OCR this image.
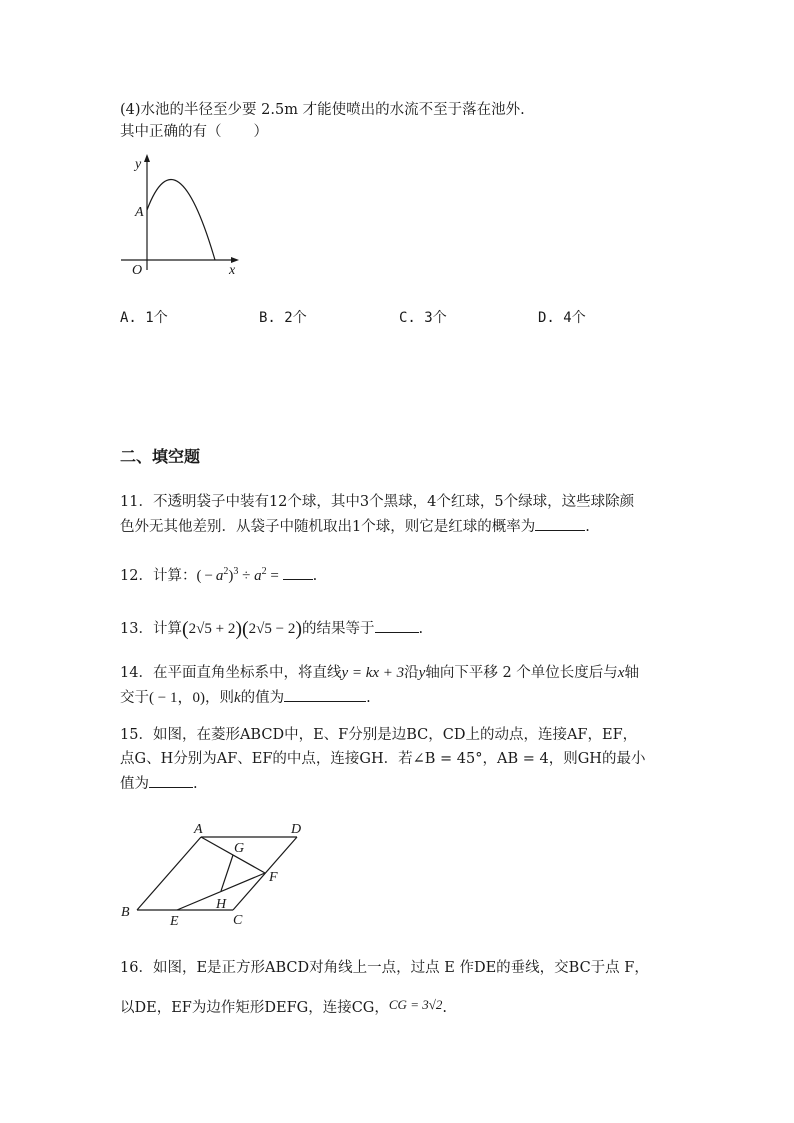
(4)水池的半径至少要 2.5m 才能使喷出的水流不至于落在池外.
其中正确的有（ ）
y
x
A
O
A. 1个	B. 2个	C. 3个	D. 4个
二、填空题
11．不透明袋子中装有12个球，其中3个黑球，4个红球，5个绿球，这些球除颜
色外无其他差别．从袋子中随机取出1个球，则它是红球的概率为	.
12．计算：( − $a^2)^3 \div a^2$ = .
13．计算(2√5 + 2)(2√5 − 2)的结果等于	.
14．在平面直角坐标系中，将直线y = kx + 3沿y轴向下平移 2 个单位长度后与x轴
交于( − 1，0)，则k的值为	.
15．如图，在菱形ABCD中，E、F分别是边BC，CD上的动点，连接AF，EF，
点G、H分别为AF、EF的中点，连接GH．若∠B = 45°，AB = 4，则GH的最小
值为	.
A	D
G
F
H
B
E	C
16．如图，E是正方形ABCD对角线上一点，过点 E 作DE的垂线，交BC于点 F，
以DE，EF为边作矩形DEFG，连接CG，CG = 3√2.
